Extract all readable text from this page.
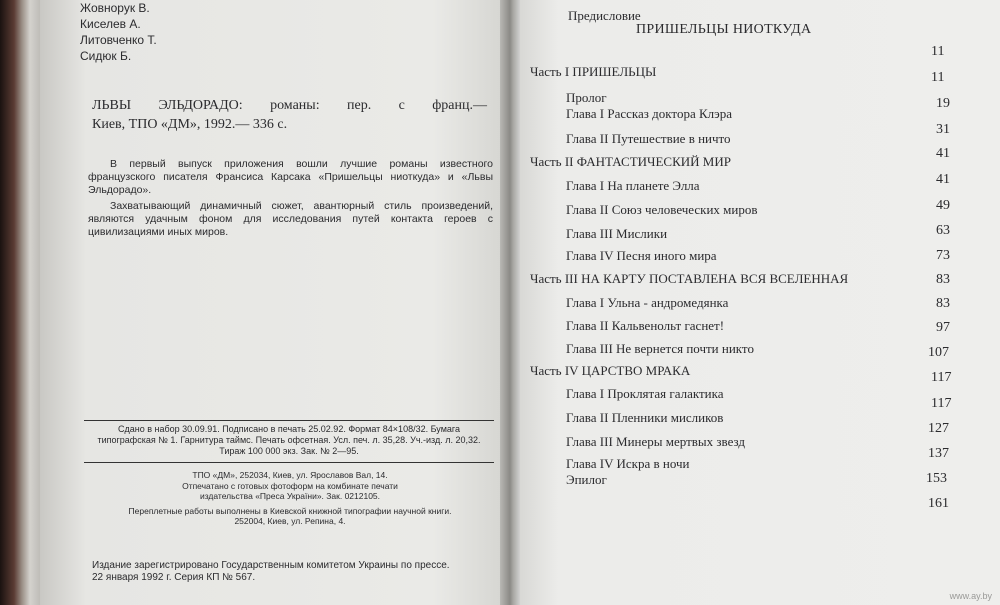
Жовнорук В.
Киселев А.
Литовченко Т.
Сидюк Б.
ЛЬВЫ ЭЛЬДОРАДО: романы: пер. с франц.—
Киев, ТПО «ДМ», 1992.— 336 с.

В первый выпуск приложения вошли лучшие романы известного французского писателя Франсиса Карсака «Пришельцы ниоткуда» и «Львы Эльдорадо».

Захватывающий динамичный сюжет, авантюрный стиль произведений, являются удачным фоном для исследования путей контакта героев с цивилизациями иных миров.

Сдано в набор 30.09.91. Подписано в печать 25.02.92. Формат 84×108/32. Бумага
типографская № 1. Гарнитура таймс. Печать офсетная. Усл. печ. л. 35,28. Уч.-изд. л. 20,32.
Тираж 100 000 экз. Зак. № 2—95.
ТПО «ДМ», 252034, Киев, ул. Ярославов Вал, 14.
Отпечатано с готовых фотоформ на комбинате печати
издательства «Преса України». Зак. 0212105.
Переплетные работы выполнены в Киевской книжной типографии научной книги.
252004, Киев, ул. Репина, 4.
Издание зарегистрировано Государственным комитетом Украины по прессе.
22 января 1992 г. Серия КП № 567.
Предисловие
ПРИШЕЛЬЦЫ НИОТКУДА
11
Часть I ПРИШЕЛЬЦЫ	11
Пролог	19
Глава I Рассказ доктора Клэра
31
Глава II Путешествие в ничто
41
Часть II ФАНТАСТИЧЕСКИЙ МИР
41
Глава I На планете Элла
49
Глава II Союз человеческих миров
63
Глава III Мислики
73
Глава IV Песня иного мира
83
Часть III НА КАРТУ ПОСТАВЛЕНА ВСЯ ВСЕЛЕННАЯ
83
Глава I Ульна - андромедянка
97
Глава II Кальвенольт гаснет!
107
Глава III Не вернется почти никто
117
Часть IV ЦАРСТВО МРАКА
117
Глава I Проклятая галактика
127
Глава II Пленники мисликов
137
Глава III Минеры мертвых звезд
153
Глава IV Искра в ночи
161
Эпилог
www.ay.by
